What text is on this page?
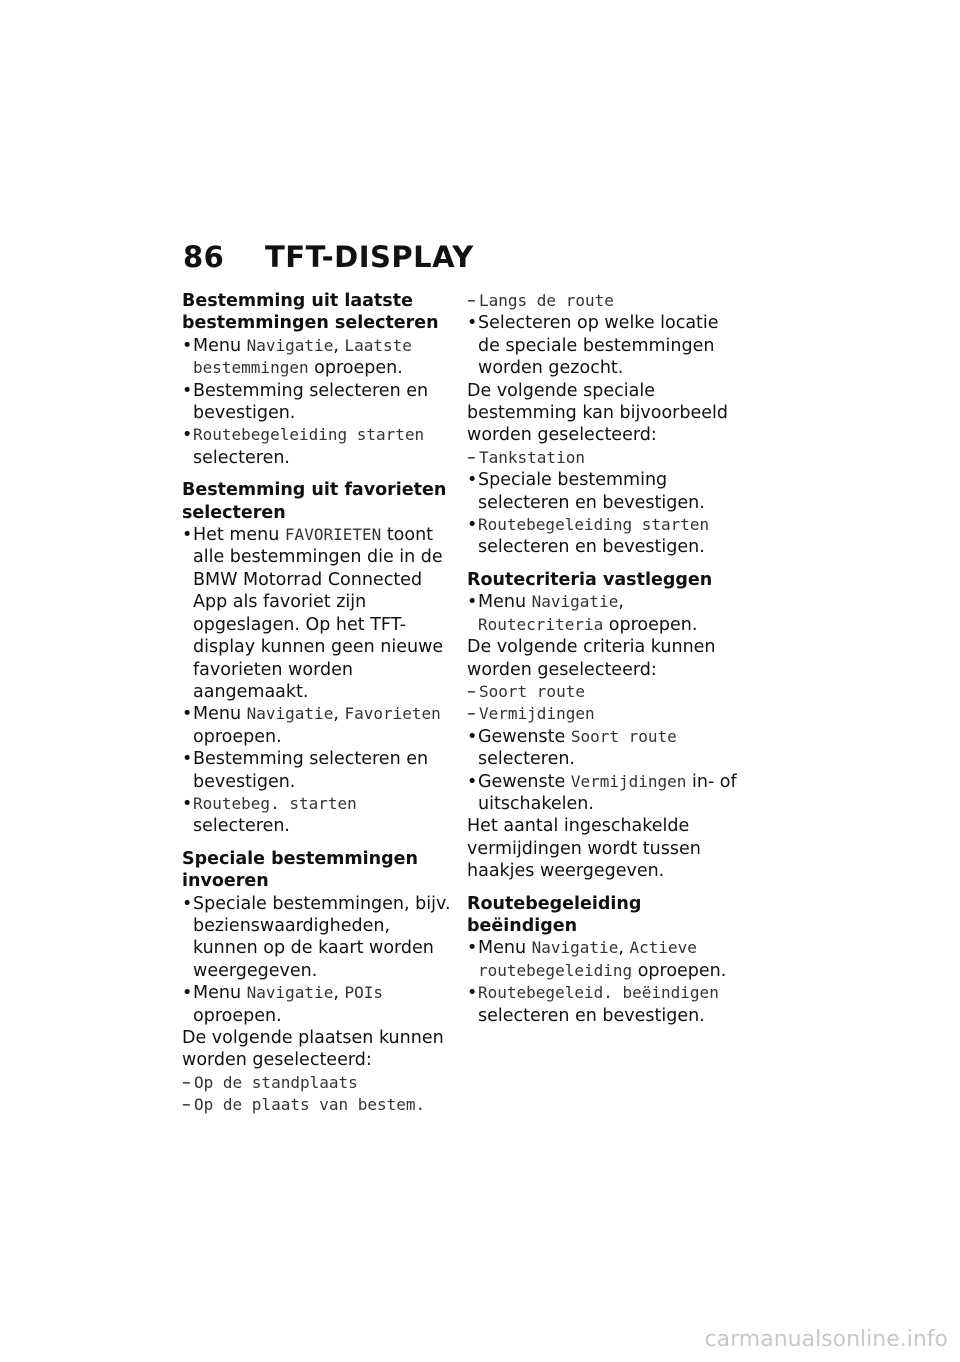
86 TFT-DISPLAY

Bestemming uit laatste bestemmingen selecteren

• Menu Navigatie, Laatste bestemmingen oproepen.

• Bestemming selecteren en bevestigen.

• Routebegeleiding starten selecteren.

Bestemming uit favorieten selecteren

• Het menu FAVORIETEN toont alle bestemmingen die in de BMW Motorrad Connected App als favoriet zijn opgeslagen. Op het TFT-display kunnen geen nieuwe favorieten worden aangemaakt.

• Menu Navigatie, Favorieten oproepen.

• Bestemming selecteren en bevestigen.

• Routebeg. starten selecteren.

Speciale bestemmingen invoeren

• Speciale bestemmingen, bijv. bezienswaardigheden, kunnen op de kaart worden weergegeven.

• Menu Navigatie, POIs oproepen.

De volgende plaatsen kunnen worden geselecteerd:

– Op de standplaats

– Op de plaats van bestem.

– Langs de route

• Selecteren op welke locatie de speciale bestemmingen worden gezocht.

De volgende speciale bestemming kan bijvoorbeeld worden geselecteerd:

– Tankstation

• Speciale bestemming selecteren en bevestigen.

• Routebegeleiding starten selecteren en bevestigen.

Routecriteria vastleggen

• Menu Navigatie, Routecriteria oproepen.

De volgende criteria kunnen worden geselecteerd:

– Soort route

– Vermijdingen

• Gewenste Soort route selecteren.

• Gewenste Vermijdingen in- of uitschakelen.

Het aantal ingeschakelde vermijdingen wordt tussen haakjes weergegeven.

Routebegeleiding beëindigen

• Menu Navigatie, Actieve routebegeleiding oproepen.

• Routebegeleid. beëindigen selecteren en bevestigen.

carmanualsonline.info
